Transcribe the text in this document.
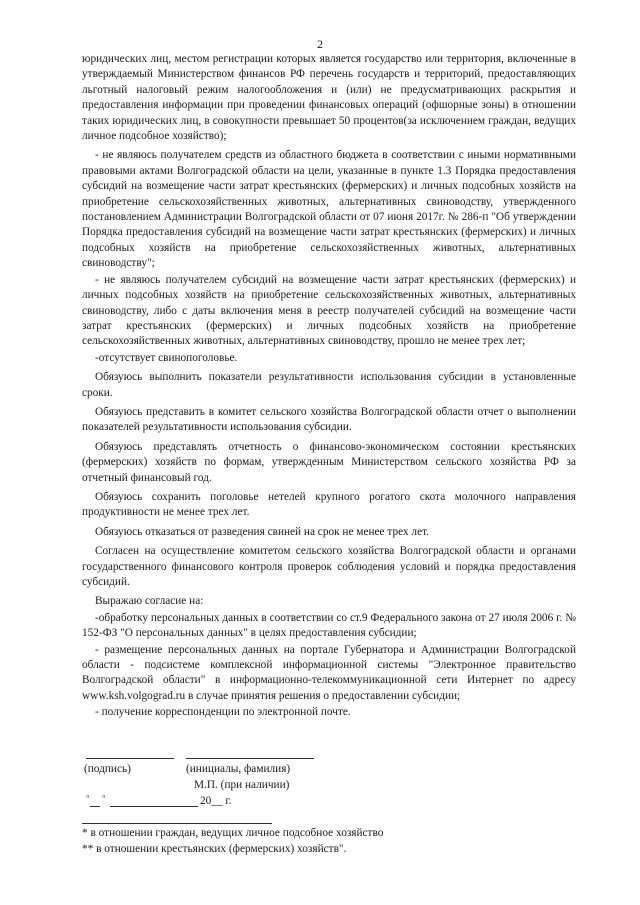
2

юридических лиц, местом регистрации которых является государство или территория, включенные в утверждаемый Министерством финансов РФ перечень государств и территорий, предоставляющих льготный налоговый режим налогообложения и (или) не предусматривающих раскрытия и предоставления информации при проведении финансовых операций (офшорные зоны) в отношении таких юридических лиц, в совокупности превышает 50 процентов(за исключением граждан, ведущих личное подсобное хозяйство);

- не являюсь получателем средств из областного бюджета в соответствии с иными нормативными правовыми актами Волгоградской области на цели, указанные в пункте 1.3 Порядка предоставления субсидий на возмещение части затрат крестьянских (фермерских) и личных подсобных хозяйств на приобретение сельскохозяйственных животных, альтернативных свиноводству, утвержденного постановлением Администрации Волгоградской области от 07 июня 2017г. № 286-п "Об утверждении Порядка предоставления субсидий на возмещение части затрат крестьянских (фермерских) и личных подсобных хозяйств на приобретение сельскохозяйственных животных, альтернативных свиноводству";

- не являюсь получателем субсидий на возмещение части затрат крестьянских (фермерских) и личных подсобных хозяйств на приобретение сельскохозяйственных животных, альтернативных свиноводству, либо с даты включения меня в реестр получателей субсидий на возмещение части затрат крестьянских (фермерских) и личных подсобных хозяйств на приобретение сельскохозяйственных животных, альтернативных свиноводству, прошло не менее трех лет;

-отсутствует свинопоголовье.

Обязуюсь выполнить показатели результативности использования субсидии в установленные сроки.

Обязуюсь представить в комитет сельского хозяйства Волгоградской области отчет о выполнении показателей результативности использования субсидии.

Обязуюсь представлять отчетность о финансово-экономическом состоянии крестьянских (фермерских) хозяйств по формам, утвержденным Министерством сельского хозяйства РФ за отчетный финансовый год.

Обязуюсь сохранить поголовье нетелей крупного рогатого скота молочного направления продуктивности не менее трех лет.

Обязуюсь отказаться от разведения свиней на срок не менее трех лет.

Согласен на осуществление комитетом сельского хозяйства Волгоградской области и органами государственного финансового контроля проверок соблюдения условий и порядка предоставления субсидий.

Выражаю согласие на:

-обработку персональных данных в соответствии со ст.9 Федерального закона от 27 июля 2006 г. № 152-ФЗ "О персональных данных" в целях предоставления субсидии;

- размещение персональных данных на портале Губернатора и Администрации Волгоградской области - подсистеме комплексной информационной системы "Электронное правительство Волгоградской области" в информационно-телекоммуникационной сети Интернет по адресу www.ksh.volgograd.ru в случае принятия решения о предоставлении субсидии;

- получение корреспонденции по электронной почте.

(подпись)	(инициалы, фамилия)
М.П. (при наличии)
" "	20__ г.
* в отношении граждан, ведущих личное подсобное хозяйство
** в отношении крестьянских (фермерских) хозяйств".
